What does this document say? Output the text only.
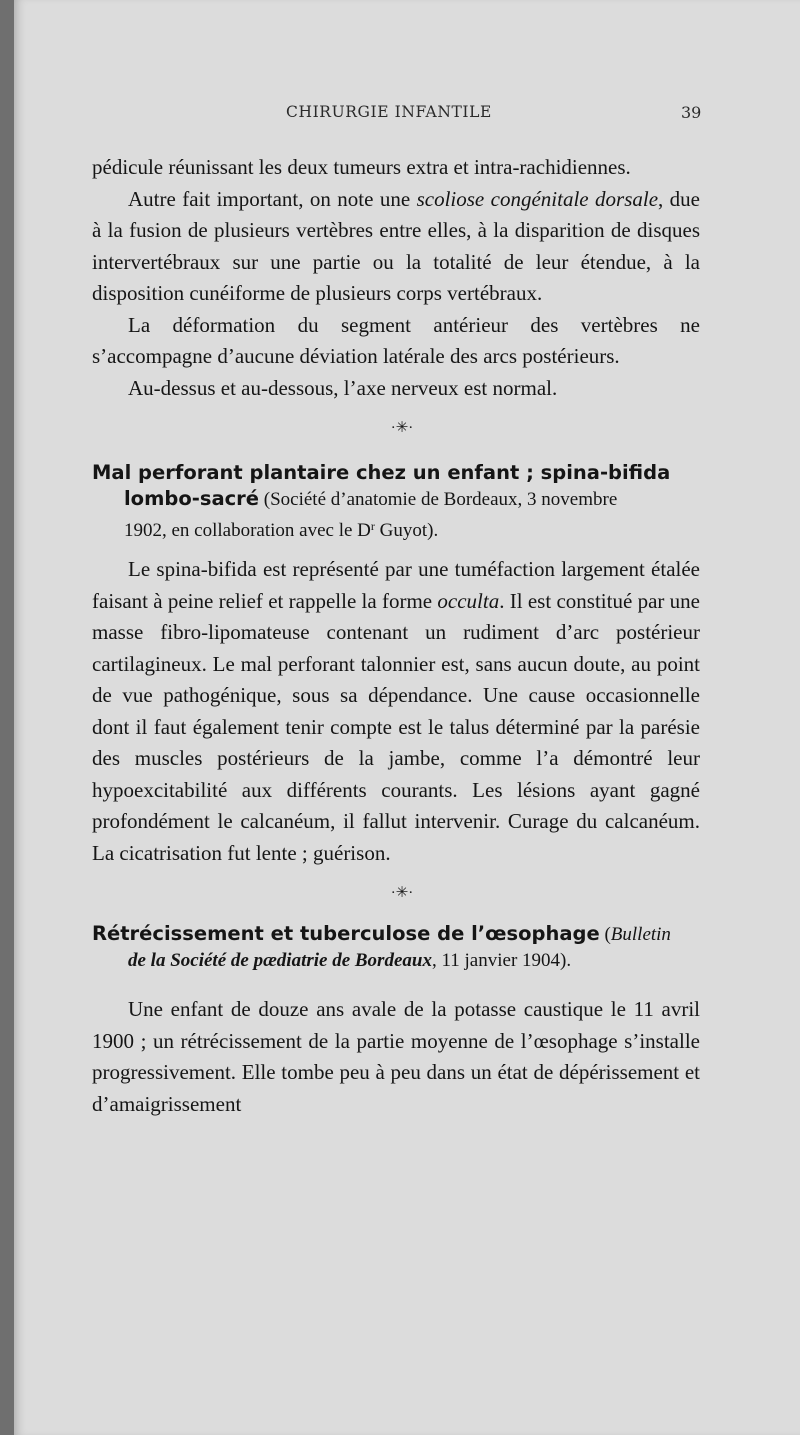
CHIRURGIE INFANTILE	39

pédicule réunissant les deux tumeurs extra et intra-rachidiennes.

Autre fait important, on note une scoliose congénitale dorsale, due à la fusion de plusieurs vertèbres entre elles, à la disparition de disques intervertébraux sur une partie ou la totalité de leur étendue, à la disposition cunéiforme de plusieurs corps vertébraux.

La déformation du segment antérieur des vertèbres ne s’accompagne d’aucune déviation latérale des arcs postérieurs.

Au-dessus et au-dessous, l’axe nerveux est normal.

·✳·
Mal perforant plantaire chez un enfant ; spina-bifida
lombo-sacré (Société d’anatomie de Bordeaux, 3 novembre
1902, en collaboration avec le $D^r$ Guyot).

Le spina-bifida est représenté par une tuméfaction largement étalée faisant à peine relief et rappelle la forme occulta. Il est constitué par une masse fibro-lipomateuse contenant un rudiment d’arc postérieur cartilagineux. Le mal perforant talonnier est, sans aucun doute, au point de vue pathogénique, sous sa dépendance. Une cause occasionnelle dont il faut également tenir compte est le talus déterminé par la parésie des muscles postérieurs de la jambe, comme l’a démontré leur hypoexcitabilité aux différents courants. Les lésions ayant gagné profondément le calcanéum, il fallut intervenir. Curage du calcanéum. La cicatrisation fut lente ; guérison.

·✳·
Rétrécissement et tuberculose de l’œsophage (Bulletin
de la Société de pædiatrie de Bordeaux, 11 janvier 1904).

Une enfant de douze ans avale de la potasse caustique le 11 avril 1900 ; un rétrécissement de la partie moyenne de l’œsophage s’installe progressivement. Elle tombe peu à peu dans un état de dépérissement et d’amaigrissement
